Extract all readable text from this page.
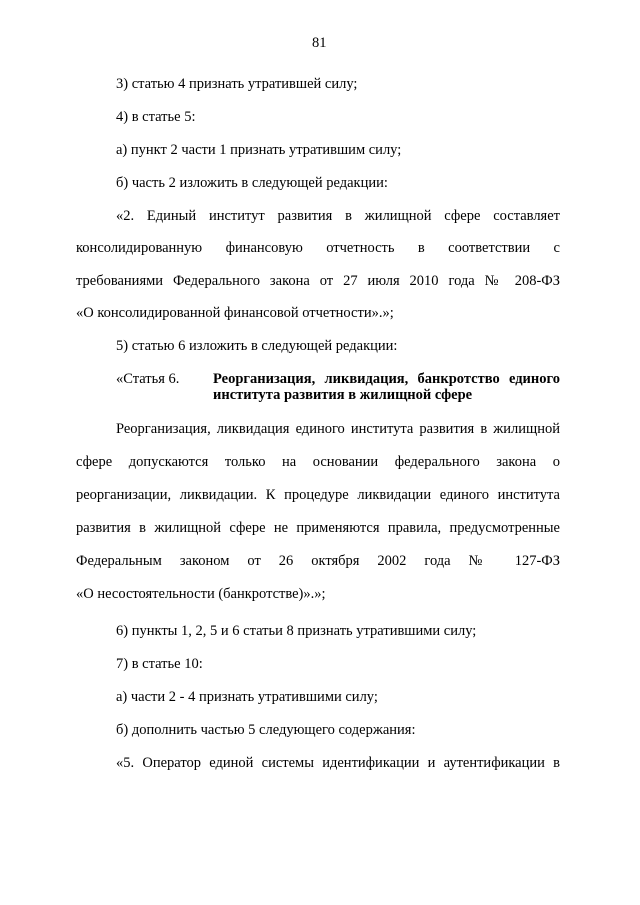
81

3) статью 4 признать утратившей силу;

4) в статье 5:

а) пункт 2 части 1 признать утратившим силу;

б) часть 2 изложить в следующей редакции:

«2. Единый институт развития в жилищной сфере составляет

консолидированную финансовую отчетность в соответствии с

требованиями Федерального закона от 27 июля 2010 года № 208-ФЗ

«О консолидированной финансовой отчетности».»;

5) статью 6 изложить в следующей редакции:

«Статья 6. Реорганизация, ликвидация, банкротство единого

института развития в жилищной сфере

Реорганизация, ликвидация единого института развития в жилищной

сфере допускаются только на основании федерального закона о

реорганизации, ликвидации. К процедуре ликвидации единого института

развития в жилищной сфере не применяются правила, предусмотренные

Федеральным законом от 26 октября 2002 года № 127-ФЗ

«О несостоятельности (банкротстве)».»;

6) пункты 1, 2, 5 и 6 статьи 8 признать утратившими силу;

7) в статье 10:

а) части 2 - 4 признать утратившими силу;

б) дополнить частью 5 следующего содержания:

«5. Оператор единой системы идентификации и аутентификации в
